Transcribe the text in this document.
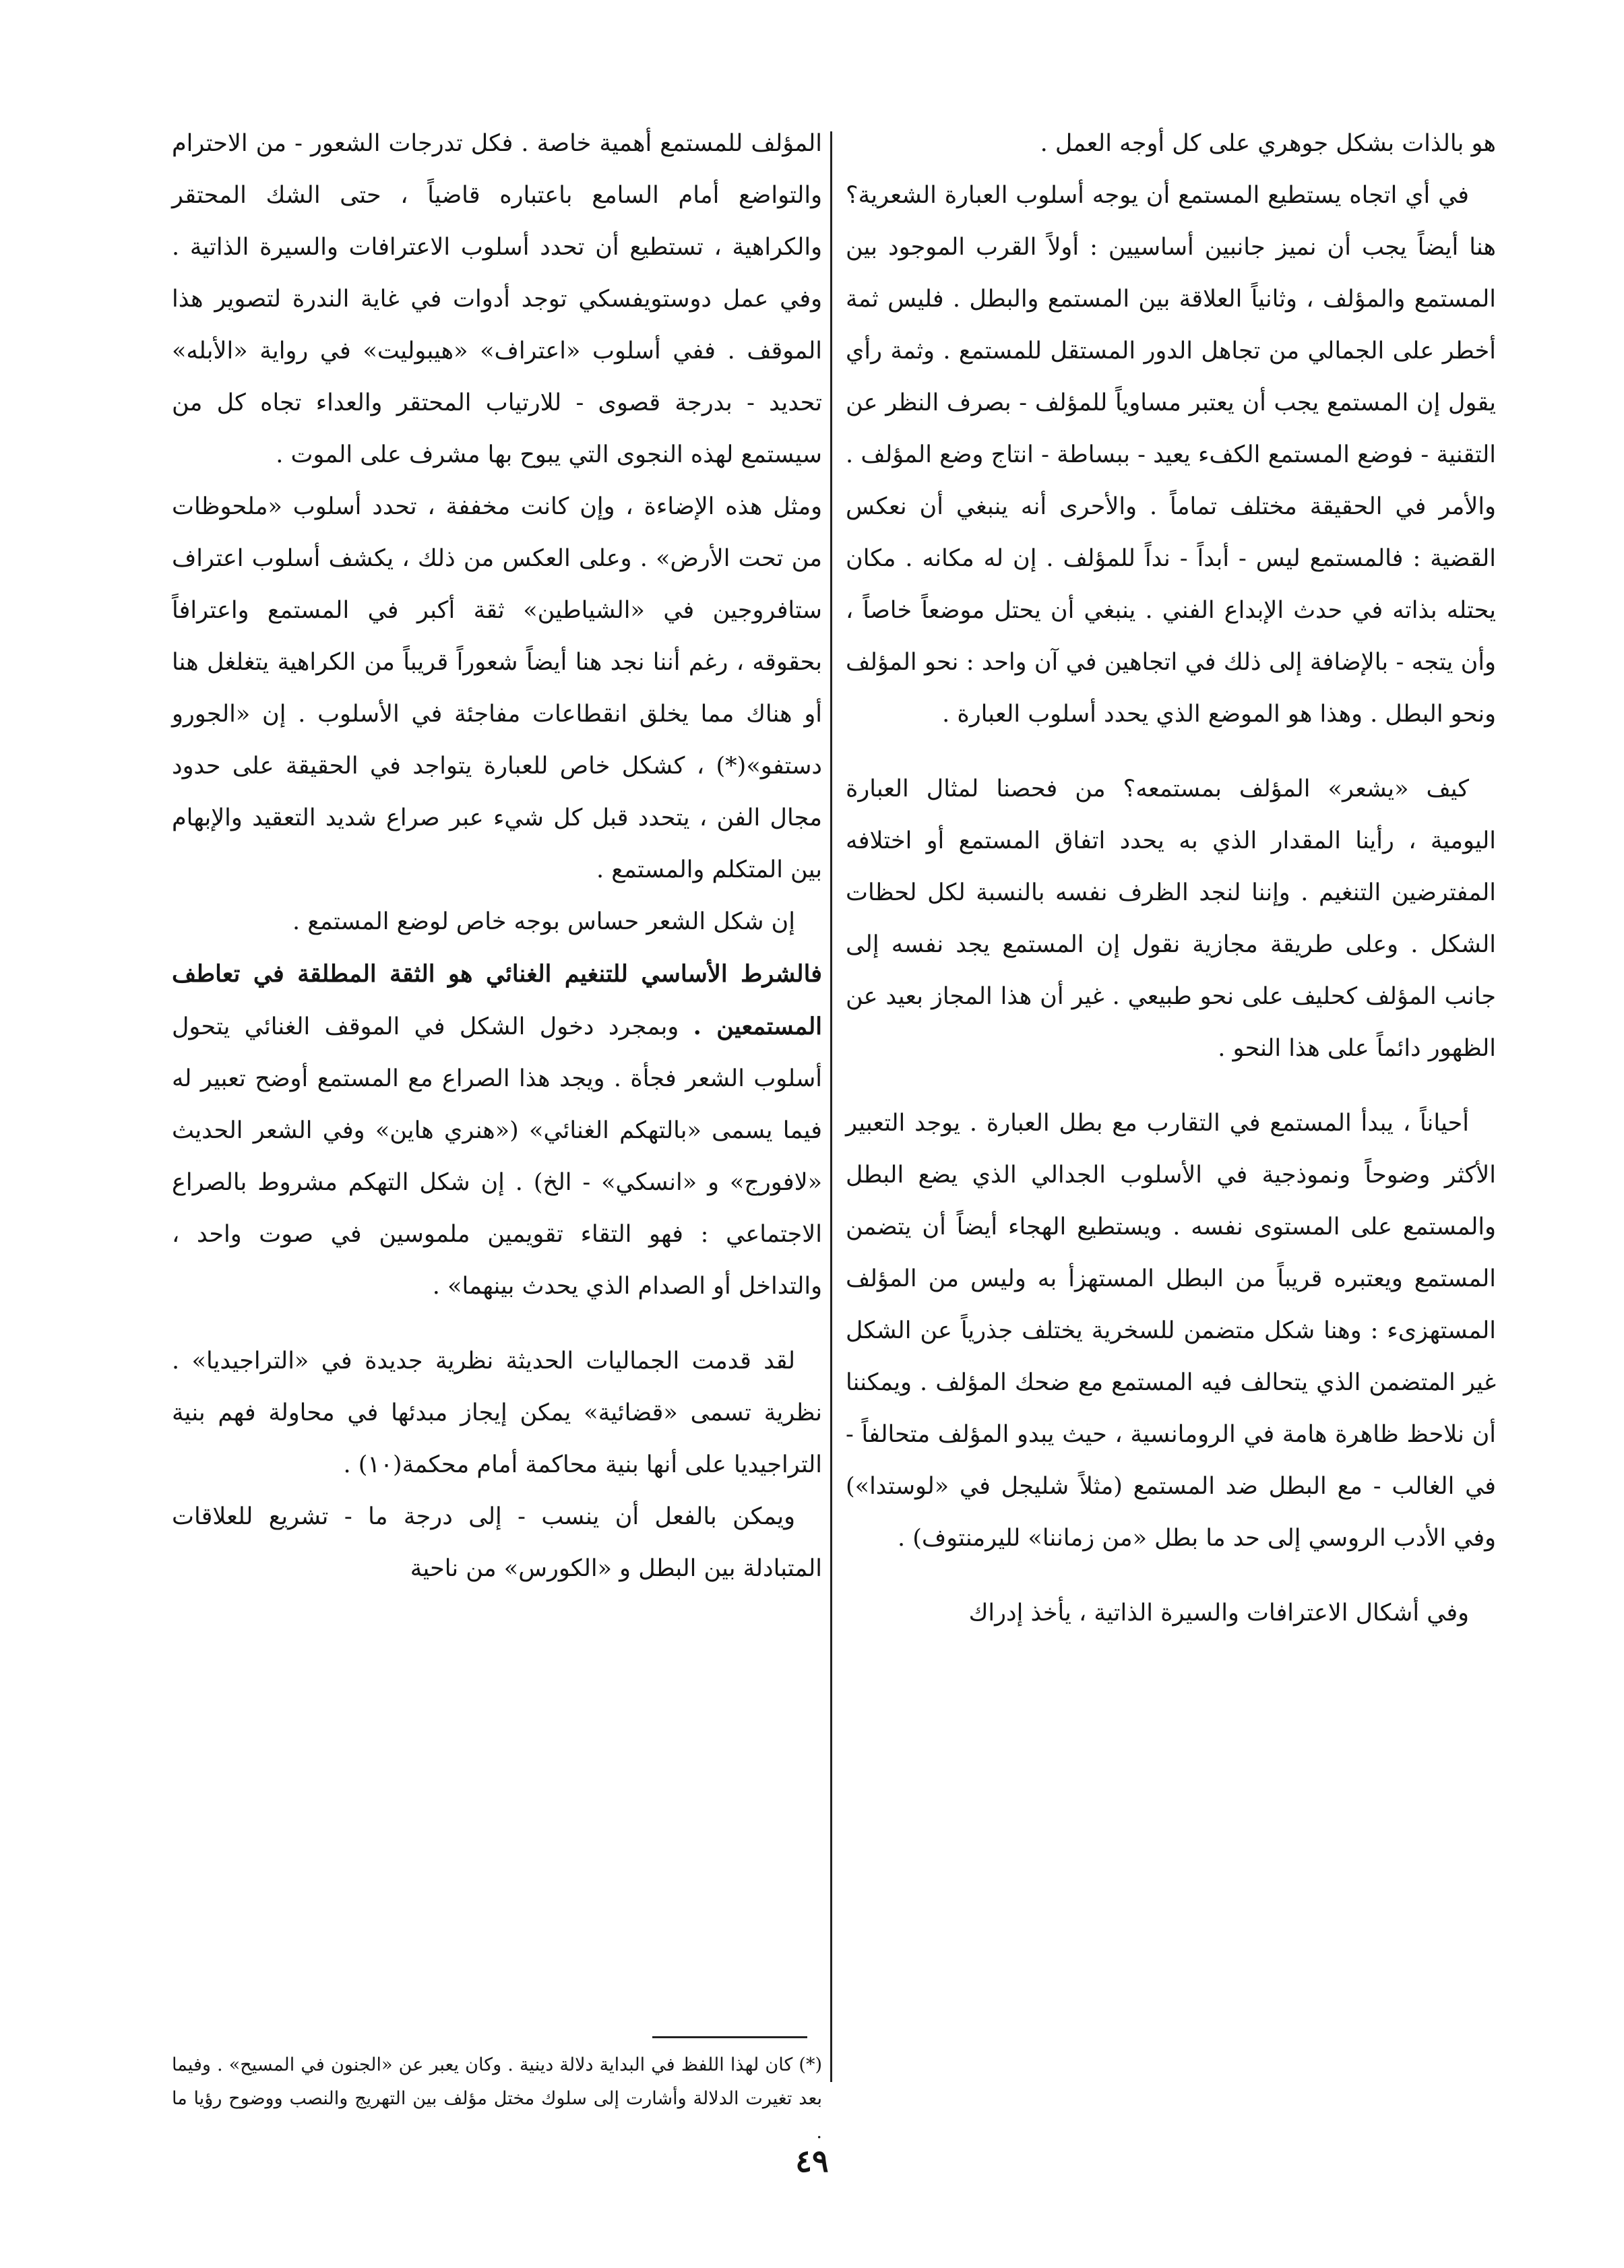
هو بالذات بشكل جوهري على كل أوجه العمل .

في أي اتجاه يستطيع المستمع أن يوجه أسلوب العبارة الشعرية؟ هنا أيضاً يجب أن نميز جانبين أساسيين : أولاً القرب الموجود بين المستمع والمؤلف ، وثانياً العلاقة بين المستمع والبطل . فليس ثمة أخطر على الجمالي من تجاهل الدور المستقل للمستمع . وثمة رأي يقول إن المستمع يجب أن يعتبر مساوياً للمؤلف - بصرف النظر عن التقنية - فوضع المستمع الكفء يعيد - ببساطة - انتاج وضع المؤلف . والأمر في الحقيقة مختلف تماماً . والأحرى أنه ينبغي أن نعكس القضية : فالمستمع ليس - أبداً - نداً للمؤلف . إن له مكانه . مكان يحتله بذاته في حدث الإبداع الفني . ينبغي أن يحتل موضعاً خاصاً ، وأن يتجه - بالإضافة إلى ذلك في اتجاهين في آن واحد : نحو المؤلف ونحو البطل . وهذا هو الموضع الذي يحدد أسلوب العبارة .

كيف «يشعر» المؤلف بمستمعه؟ من فحصنا لمثال العبارة اليومية ، رأينا المقدار الذي به يحدد اتفاق المستمع أو اختلافه المفترضين التنغيم . وإننا لنجد الظرف نفسه بالنسبة لكل لحظات الشكل . وعلى طريقة مجازية نقول إن المستمع يجد نفسه إلى جانب المؤلف كحليف على نحو طبيعي . غير أن هذا المجاز بعيد عن الظهور دائماً على هذا النحو .

أحياناً ، يبدأ المستمع في التقارب مع بطل العبارة . يوجد التعبير الأكثر وضوحاً ونموذجية في الأسلوب الجدالي الذي يضع البطل والمستمع على المستوى نفسه . ويستطيع الهجاء أيضاً أن يتضمن المستمع ويعتبره قريباً من البطل المستهزأ به وليس من المؤلف المستهزىء : وهنا شكل متضمن للسخرية يختلف جذرياً عن الشكل غير المتضمن الذي يتحالف فيه المستمع مع ضحك المؤلف . ويمكننا أن نلاحظ ظاهرة هامة في الرومانسية ، حيث يبدو المؤلف متحالفاً - في الغالب - مع البطل ضد المستمع (مثلاً شليجل في «لوستدا») وفي الأدب الروسي إلى حد ما بطل «من زماننا» لليرمنتوف) .

وفي أشكال الاعترافات والسيرة الذاتية ، يأخذ إدراك

المؤلف للمستمع أهمية خاصة . فكل تدرجات الشعور - من الاحترام والتواضع أمام السامع باعتباره قاضياً ، حتى الشك المحتقر والكراهية ، تستطيع أن تحدد أسلوب الاعترافات والسيرة الذاتية . وفي عمل دوستويفسكي توجد أدوات في غاية الندرة لتصوير هذا الموقف . ففي أسلوب «اعتراف» «هيبوليت» في رواية «الأبله» تحديد - بدرجة قصوى - للارتياب المحتقر والعداء تجاه كل من سيستمع لهذه النجوى التي يبوح بها مشرف على الموت .

ومثل هذه الإضاءة ، وإن كانت مخففة ، تحدد أسلوب «ملحوظات من تحت الأرض» . وعلى العكس من ذلك ، يكشف أسلوب اعتراف ستافروجين في «الشياطين» ثقة أكبر في المستمع واعترافاً بحقوقه ، رغم أننا نجد هنا أيضاً شعوراً قريباً من الكراهية يتغلغل هنا أو هناك مما يخلق انقطاعات مفاجئة في الأسلوب . إن «الجورو دستفو»(*) ، كشكل خاص للعبارة يتواجد في الحقيقة على حدود مجال الفن ، يتحدد قبل كل شيء عبر صراع شديد التعقيد والإبهام بين المتكلم والمستمع .

إن شكل الشعر حساس بوجه خاص لوضع المستمع .

فالشرط الأساسي للتنغيم الغنائي هو الثقة المطلقة في تعاطف المستمعين . وبمجرد دخول الشكل في الموقف الغنائي يتحول أسلوب الشعر فجأة . ويجد هذا الصراع مع المستمع أوضح تعبير له فيما يسمى «بالتهكم الغنائي» («هنري هاين» وفي الشعر الحديث «لافورج» و «انسكي» - الخ) . إن شكل التهكم مشروط بالصراع الاجتماعي : فهو التقاء تقويمين ملموسين في صوت واحد ، والتداخل أو الصدام الذي يحدث بينهما» .

لقد قدمت الجماليات الحديثة نظرية جديدة في «التراجيديا» . نظرية تسمى «قضائية» يمكن إيجاز مبدئها في محاولة فهم بنية التراجيديا على أنها بنية محاكمة أمام محكمة(١٠) .

ويمكن بالفعل أن ينسب - إلى درجة ما - تشريع للعلاقات المتبادلة بين البطل و «الكورس» من ناحية

(*) كان لهذا اللفظ في البداية دلالة دينية . وكان يعبر عن «الجنون في المسيح» . وفيما بعد تغيرت الدلالة وأشارت إلى سلوك مختل مؤلف بين التهريج والنصب ووضوح رؤيا ما .

٤٩
